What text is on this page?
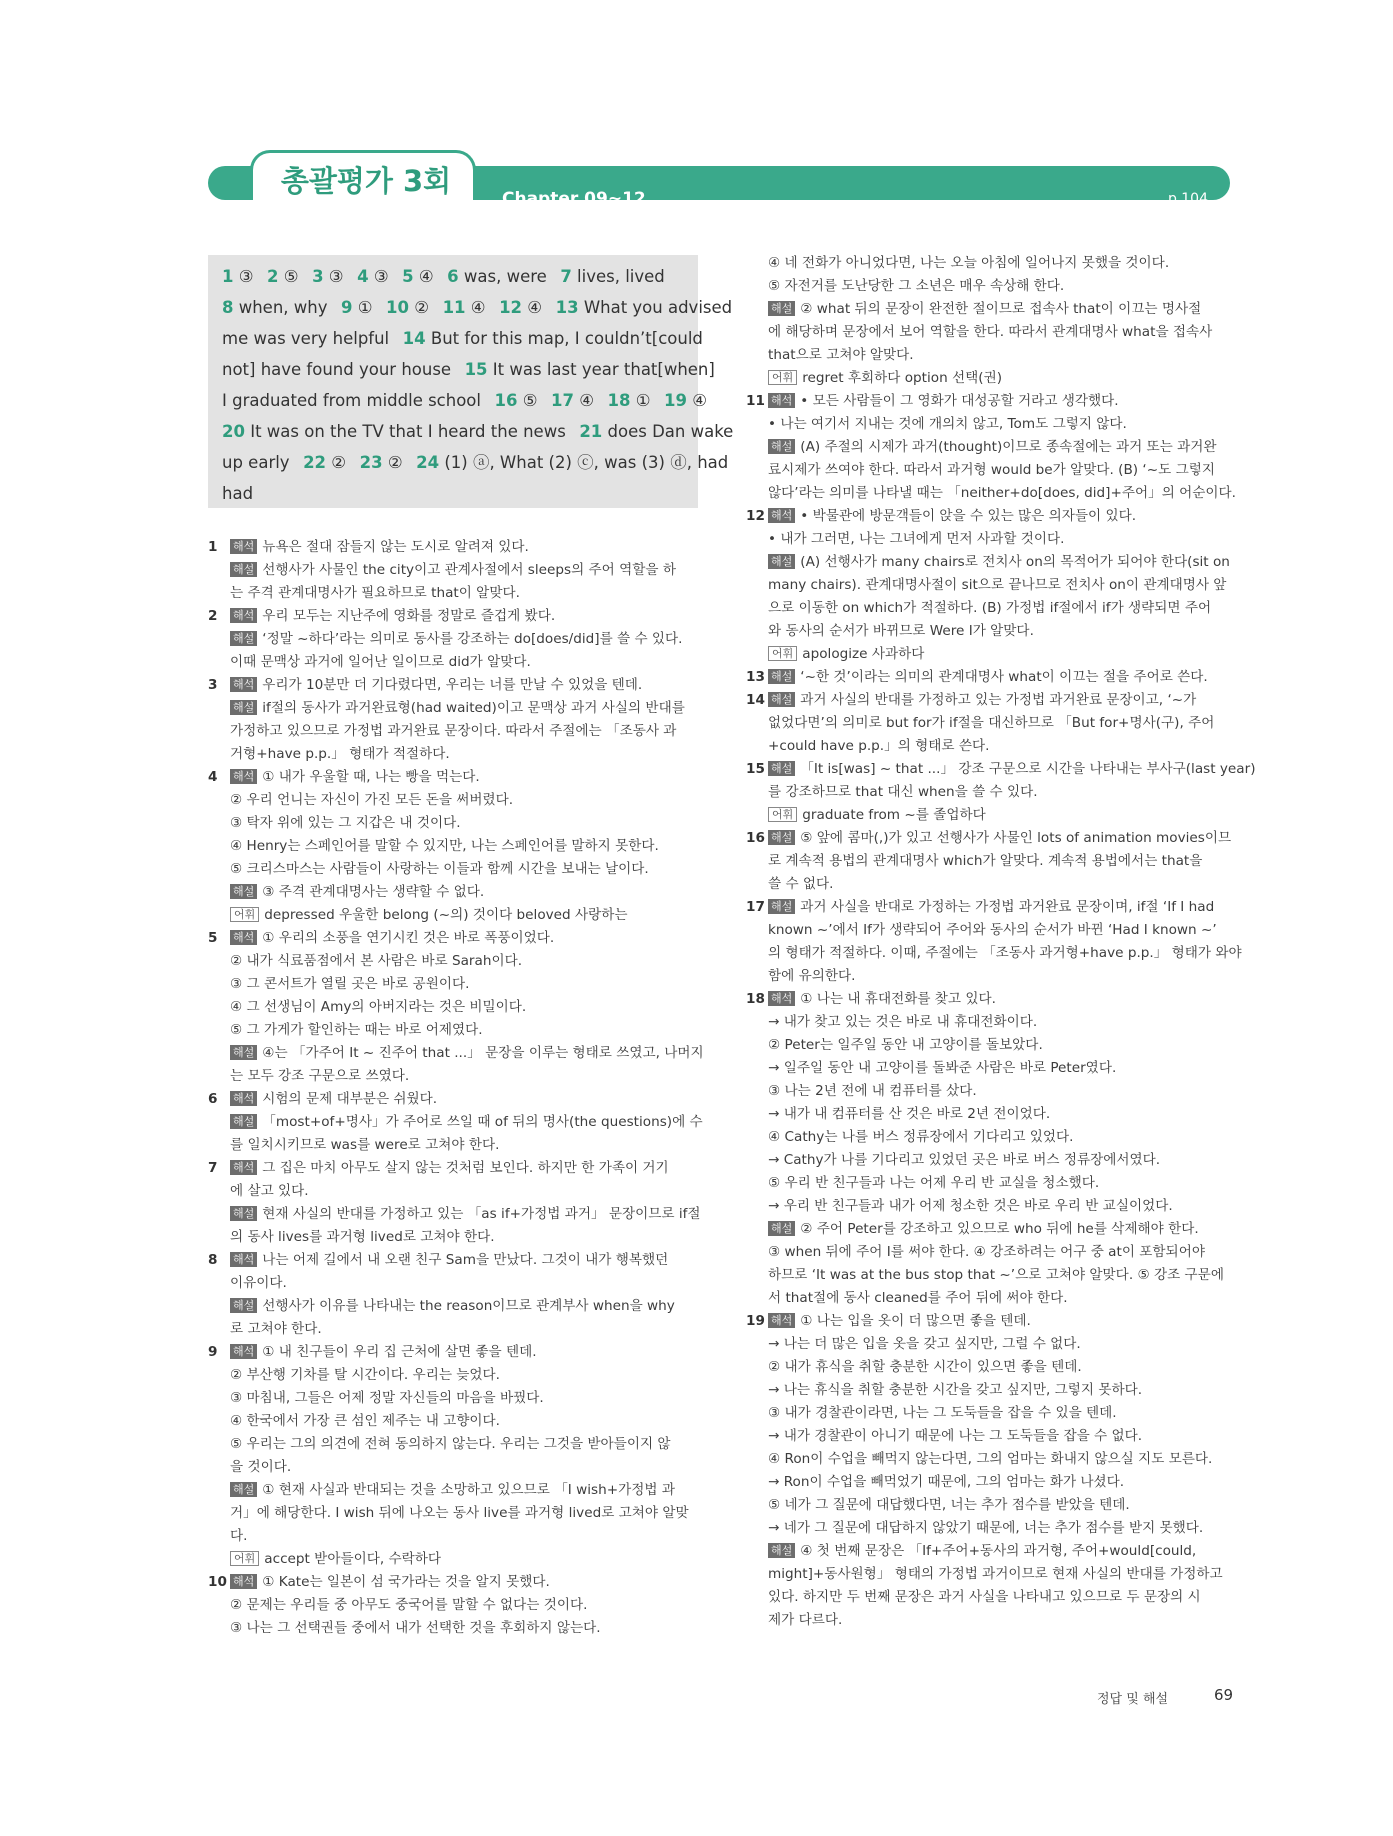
Chapter 09~12	p.104
총괄평가 3회

1 ③  2 ⑤  3 ③  4 ③  5 ④  6 was, were  7 lives, lived

8 when, why  9 ①  10 ②  11 ④  12 ④  13 What you advised

me was very helpful  14 But for this map, I couldn’t[could

not] have found your house  15 It was last year that[when]

I graduated from middle school  16 ⑤  17 ④  18 ①  19 ④

20 It was on the TV that I heard the news  21 does Dan wake

up early  22 ②  23 ②  24 (1) ⓐ, What (2) ⓒ, was (3) ⓓ, had

had

1 해석 뉴욕은 절대 잠들지 않는 도시로 알려져 있다.
해설 선행사가 사물인 the city이고 관계사절에서 sleeps의 주어 역할을 하
는 주격 관계대명사가 필요하므로 that이 알맞다.
2 해석 우리 모두는 지난주에 영화를 정말로 즐겁게 봤다.
해설 ‘정말 ~하다’라는 의미로 동사를 강조하는 do[does/did]를 쓸 수 있다.
이때 문맥상 과거에 일어난 일이므로 did가 알맞다.
3 해석 우리가 10분만 더 기다렸다면, 우리는 너를 만날 수 있었을 텐데.
해설 if절의 동사가 과거완료형(had waited)이고 문맥상 과거 사실의 반대를
가정하고 있으므로 가정법 과거완료 문장이다. 따라서 주절에는 「조동사 과
거형+have p.p.」 형태가 적절하다.
4 해석 ① 내가 우울할 때, 나는 빵을 먹는다.
② 우리 언니는 자신이 가진 모든 돈을 써버렸다.
③ 탁자 위에 있는 그 지갑은 내 것이다.
④ Henry는 스페인어를 말할 수 있지만, 나는 스페인어를 말하지 못한다.
⑤ 크리스마스는 사람들이 사랑하는 이들과 함께 시간을 보내는 날이다.
해설 ③ 주격 관계대명사는 생략할 수 없다.
어휘 depressed 우울한 belong (~의) 것이다 beloved 사랑하는
5 해석 ① 우리의 소풍을 연기시킨 것은 바로 폭풍이었다.
② 내가 식료품점에서 본 사람은 바로 Sarah이다.
③ 그 콘서트가 열릴 곳은 바로 공원이다.
④ 그 선생님이 Amy의 아버지라는 것은 비밀이다.
⑤ 그 가게가 할인하는 때는 바로 어제였다.
해설 ④는 「가주어 It ~ 진주어 that ...」 문장을 이루는 형태로 쓰였고, 나머지
는 모두 강조 구문으로 쓰였다.
6 해석 시험의 문제 대부분은 쉬웠다.
해설 「most+of+명사」가 주어로 쓰일 때 of 뒤의 명사(the questions)에 수
를 일치시키므로 was를 were로 고쳐야 한다.
7 해석 그 집은 마치 아무도 살지 않는 것처럼 보인다. 하지만 한 가족이 거기
에 살고 있다.
해설 현재 사실의 반대를 가정하고 있는 「as if+가정법 과거」 문장이므로 if절
의 동사 lives를 과거형 lived로 고쳐야 한다.
8 해석 나는 어제 길에서 내 오랜 친구 Sam을 만났다. 그것이 내가 행복했던
이유이다.
해설 선행사가 이유를 나타내는 the reason이므로 관계부사 when을 why
로 고쳐야 한다.
9 해석 ① 내 친구들이 우리 집 근처에 살면 좋을 텐데.
② 부산행 기차를 탈 시간이다. 우리는 늦었다.
③ 마침내, 그들은 어제 정말 자신들의 마음을 바꿨다.
④ 한국에서 가장 큰 섬인 제주는 내 고향이다.
⑤ 우리는 그의 의견에 전혀 동의하지 않는다. 우리는 그것을 받아들이지 않
을 것이다.
해설 ① 현재 사실과 반대되는 것을 소망하고 있으므로 「I wish+가정법 과
거」에 해당한다. I wish 뒤에 나오는 동사 live를 과거형 lived로 고쳐야 알맞
다.
어휘 accept 받아들이다, 수락하다
10 해석 ① Kate는 일본이 섬 국가라는 것을 알지 못했다.
② 문제는 우리들 중 아무도 중국어를 말할 수 없다는 것이다.
③ 나는 그 선택권들 중에서 내가 선택한 것을 후회하지 않는다.
④ 네 전화가 아니었다면, 나는 오늘 아침에 일어나지 못했을 것이다.
⑤ 자전거를 도난당한 그 소년은 매우 속상해 한다.
해설 ② what 뒤의 문장이 완전한 절이므로 접속사 that이 이끄는 명사절
에 해당하며 문장에서 보어 역할을 한다. 따라서 관계대명사 what을 접속사
that으로 고쳐야 알맞다.
어휘 regret 후회하다 option 선택(권)
11 해석 • 모든 사람들이 그 영화가 대성공할 거라고 생각했다.
• 나는 여기서 지내는 것에 개의치 않고, Tom도 그렇지 않다.
해설 (A) 주절의 시제가 과거(thought)이므로 종속절에는 과거 또는 과거완
료시제가 쓰여야 한다. 따라서 과거형 would be가 알맞다. (B) ‘~도 그렇지
않다’라는 의미를 나타낼 때는 「neither+do[does, did]+주어」의 어순이다.
12 해석 • 박물관에 방문객들이 앉을 수 있는 많은 의자들이 있다.
• 내가 그러면, 나는 그녀에게 먼저 사과할 것이다.
해설 (A) 선행사가 many chairs로 전치사 on의 목적어가 되어야 한다(sit on
many chairs). 관계대명사절이 sit으로 끝나므로 전치사 on이 관계대명사 앞
으로 이동한 on which가 적절하다. (B) 가정법 if절에서 if가 생략되면 주어
와 동사의 순서가 바뀌므로 Were I가 알맞다.
어휘 apologize 사과하다
13 해설 ‘~한 것’이라는 의미의 관계대명사 what이 이끄는 절을 주어로 쓴다.
14 해설 과거 사실의 반대를 가정하고 있는 가정법 과거완료 문장이고, ‘~가
없었다면’의 의미로 but for가 if절을 대신하므로 「But for+명사(구), 주어
+could have p.p.」의 형태로 쓴다.
15 해설 「It is[was] ~ that ...」 강조 구문으로 시간을 나타내는 부사구(last year)
를 강조하므로 that 대신 when을 쓸 수 있다.
어휘 graduate from ~를 졸업하다
16 해설 ⑤ 앞에 콤마(,)가 있고 선행사가 사물인 lots of animation movies이므
로 계속적 용법의 관계대명사 which가 알맞다. 계속적 용법에서는 that을
쓸 수 없다.
17 해설 과거 사실을 반대로 가정하는 가정법 과거완료 문장이며, if절 ‘If I had
known ~’에서 If가 생략되어 주어와 동사의 순서가 바뀐 ‘Had I known ~’
의 형태가 적절하다. 이때, 주절에는 「조동사 과거형+have p.p.」 형태가 와야
함에 유의한다.
18 해석 ① 나는 내 휴대전화를 찾고 있다.
→ 내가 찾고 있는 것은 바로 내 휴대전화이다.
② Peter는 일주일 동안 내 고양이를 돌보았다.
→ 일주일 동안 내 고양이를 돌봐준 사람은 바로 Peter였다.
③ 나는 2년 전에 내 컴퓨터를 샀다.
→ 내가 내 컴퓨터를 산 것은 바로 2년 전이었다.
④ Cathy는 나를 버스 정류장에서 기다리고 있었다.
→ Cathy가 나를 기다리고 있었던 곳은 바로 버스 정류장에서였다.
⑤ 우리 반 친구들과 나는 어제 우리 반 교실을 청소했다.
→ 우리 반 친구들과 내가 어제 청소한 것은 바로 우리 반 교실이었다.
해설 ② 주어 Peter를 강조하고 있으므로 who 뒤에 he를 삭제해야 한다.
③ when 뒤에 주어 I를 써야 한다. ④ 강조하려는 어구 중 at이 포함되어야
하므로 ‘It was at the bus stop that ~’으로 고쳐야 알맞다. ⑤ 강조 구문에
서 that절에 동사 cleaned를 주어 뒤에 써야 한다.
19 해석 ① 나는 입을 옷이 더 많으면 좋을 텐데.
→ 나는 더 많은 입을 옷을 갖고 싶지만, 그럴 수 없다.
② 내가 휴식을 취할 충분한 시간이 있으면 좋을 텐데.
→ 나는 휴식을 취할 충분한 시간을 갖고 싶지만, 그렇지 못하다.
③ 내가 경찰관이라면, 나는 그 도둑들을 잡을 수 있을 텐데.
→ 내가 경찰관이 아니기 때문에 나는 그 도둑들을 잡을 수 없다.
④ Ron이 수업을 빼먹지 않는다면, 그의 엄마는 화내지 않으실 지도 모른다.
→ Ron이 수업을 빼먹었기 때문에, 그의 엄마는 화가 나셨다.
⑤ 네가 그 질문에 대답했다면, 너는 추가 점수를 받았을 텐데.
→ 네가 그 질문에 대답하지 않았기 때문에, 너는 추가 점수를 받지 못했다.
해설 ④ 첫 번째 문장은 「If+주어+동사의 과거형, 주어+would[could,
might]+동사원형」 형태의 가정법 과거이므로 현재 사실의 반대를 가정하고
있다. 하지만 두 번째 문장은 과거 사실을 나타내고 있으므로 두 문장의 시
제가 다르다.
정답 및 해설	69
